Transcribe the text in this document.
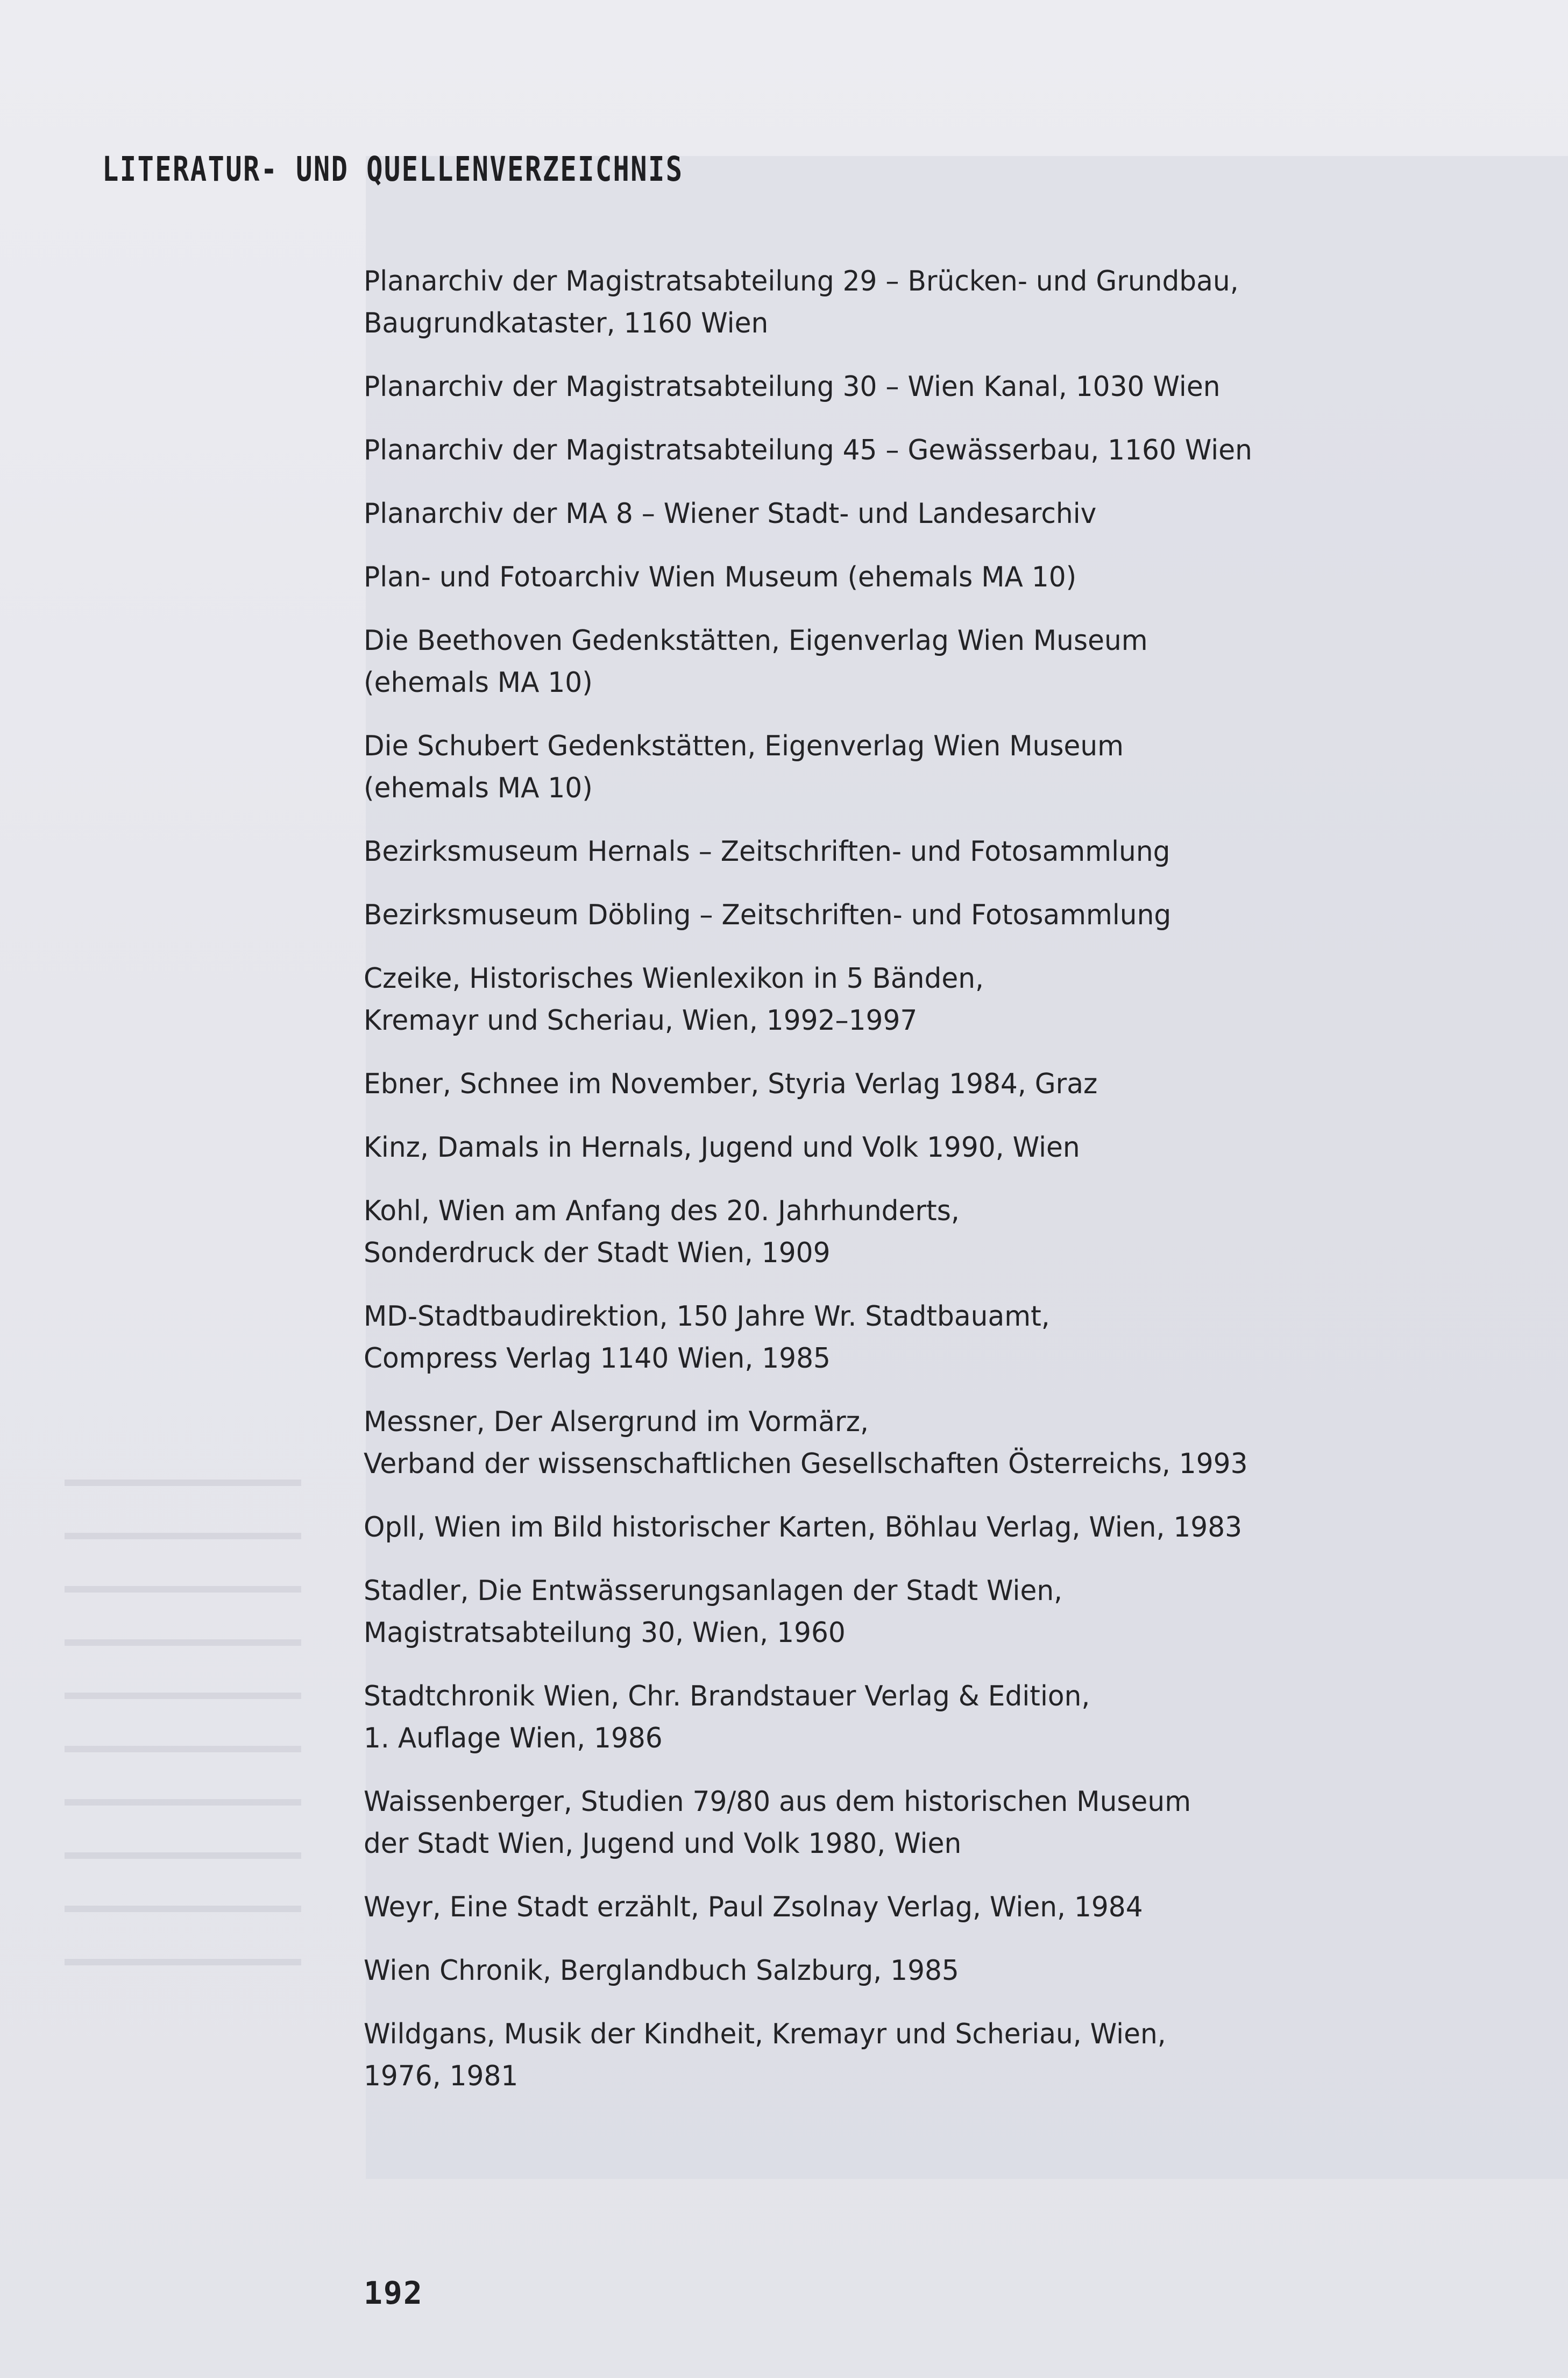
LITERATUR- UND QUELLENVERZEICHNIS
Planarchiv der Magistratsabteilung 29 – Brücken- und Grundbau,
Baugrundkataster, 1160 Wien
Planarchiv der Magistratsabteilung 30 – Wien Kanal, 1030 Wien
Planarchiv der Magistratsabteilung 45 – Gewässerbau, 1160 Wien
Planarchiv der MA 8 – Wiener Stadt- und Landesarchiv
Plan- und Fotoarchiv Wien Museum (ehemals MA 10)
Die Beethoven Gedenkstätten, Eigenverlag Wien Museum
(ehemals MA 10)
Die Schubert Gedenkstätten, Eigenverlag Wien Museum
(ehemals MA 10)
Bezirksmuseum Hernals – Zeitschriften- und Fotosammlung
Bezirksmuseum Döbling – Zeitschriften- und Fotosammlung
Czeike, Historisches Wienlexikon in 5 Bänden,
Kremayr und Scheriau, Wien, 1992–1997
Ebner, Schnee im November, Styria Verlag 1984, Graz
Kinz, Damals in Hernals, Jugend und Volk 1990, Wien
Kohl, Wien am Anfang des 20. Jahrhunderts,
Sonderdruck der Stadt Wien, 1909
MD-Stadtbaudirektion, 150 Jahre Wr. Stadtbauamt,
Compress Verlag 1140 Wien, 1985
Messner, Der Alsergrund im Vormärz,
Verband der wissenschaftlichen Gesellschaften Österreichs, 1993
Opll, Wien im Bild historischer Karten, Böhlau Verlag, Wien, 1983
Stadler, Die Entwässerungsanlagen der Stadt Wien,
Magistratsabteilung 30, Wien, 1960
Stadtchronik Wien, Chr. Brandstauer Verlag & Edition,
1. Auflage Wien, 1986
Waissenberger, Studien 79/80 aus dem historischen Museum
der Stadt Wien, Jugend und Volk 1980, Wien
Weyr, Eine Stadt erzählt, Paul Zsolnay Verlag, Wien, 1984
Wien Chronik, Berglandbuch Salzburg, 1985
Wildgans, Musik der Kindheit, Kremayr und Scheriau, Wien,
1976, 1981

192
